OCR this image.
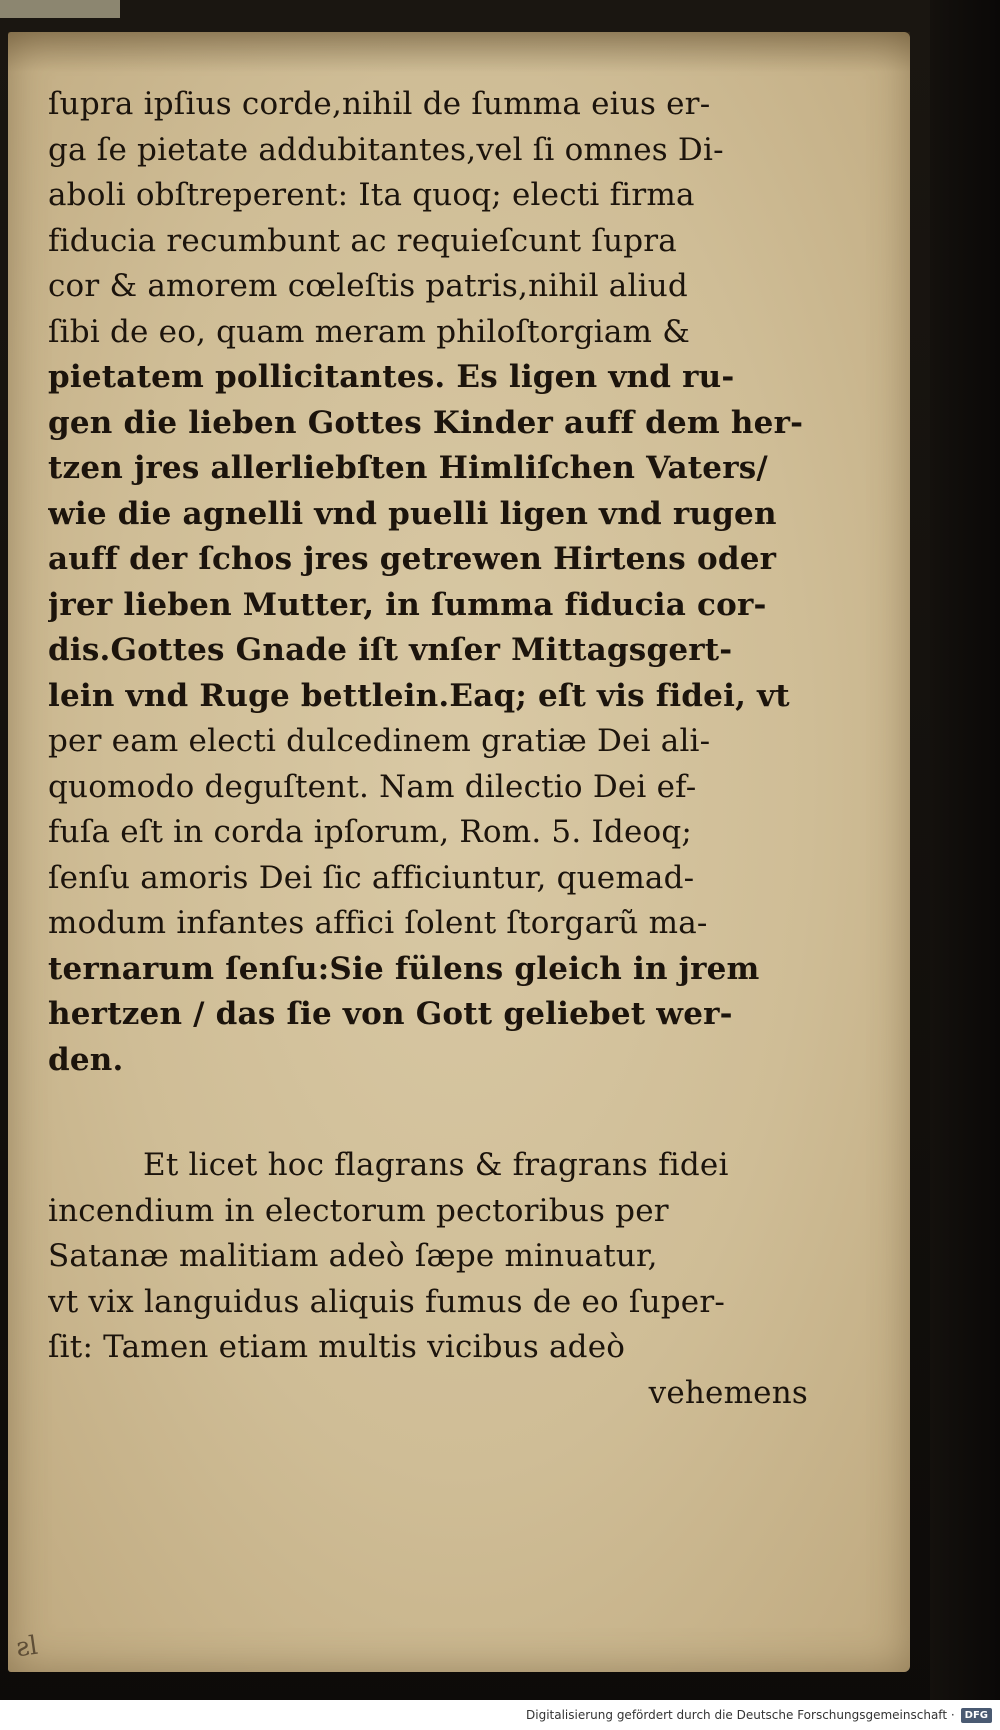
ſupra ipſius corde,nihil de ſumma eius er-
ga ſe pietate addubitantes,vel ſi omnes Di-
aboli obſtreperent: Ita quoq; electi firma
fiducia recumbunt ac requieſcunt ſupra
cor & amorem cœleſtis patris,nihil aliud
ſibi de eo, quam meram philoſtorgiam &
pietatem pollicitantes. Es ligen vnd ru-
gen die lieben Gottes Kinder auff dem her-
tzen jres allerliebſten Himliſchen Vaters/
wie die agnelli vnd puelli ligen vnd rugen
auff der ſchos jres getrewen Hirtens oder
jrer lieben Mutter, in ſumma fiducia cor-
dis.Gottes Gnade iſt vnſer Mittagsgert-
lein vnd Ruge bettlein.Eaq; eſt vis fidei, vt
per eam electi dulcedinem gratiæ Dei ali-
quomodo deguſtent. Nam dilectio Dei ef-
fuſa eſt in corda ipſorum, Rom. 5. Ideoq;
ſenſu amoris Dei ſic afficiuntur, quemad-
modum infantes affici ſolent ſtorgarũ ma-
ternarum ſenſu:Sie fülens gleich in jrem
hertzen / das ſie von Gott geliebet wer-
den.
Et licet hoc flagrans & fragrans fidei
incendium in electorum pectoribus per
Satanæ malitiam adeò ſæpe minuatur,
vt vix languidus aliquis fumus de eo ſuper-
ſit: Tamen etiam multis vicibus adeò
vehemens
ƨl
Digitalisierung gefördert durch die Deutsche Forschungsgemeinschaft ·	DFG
